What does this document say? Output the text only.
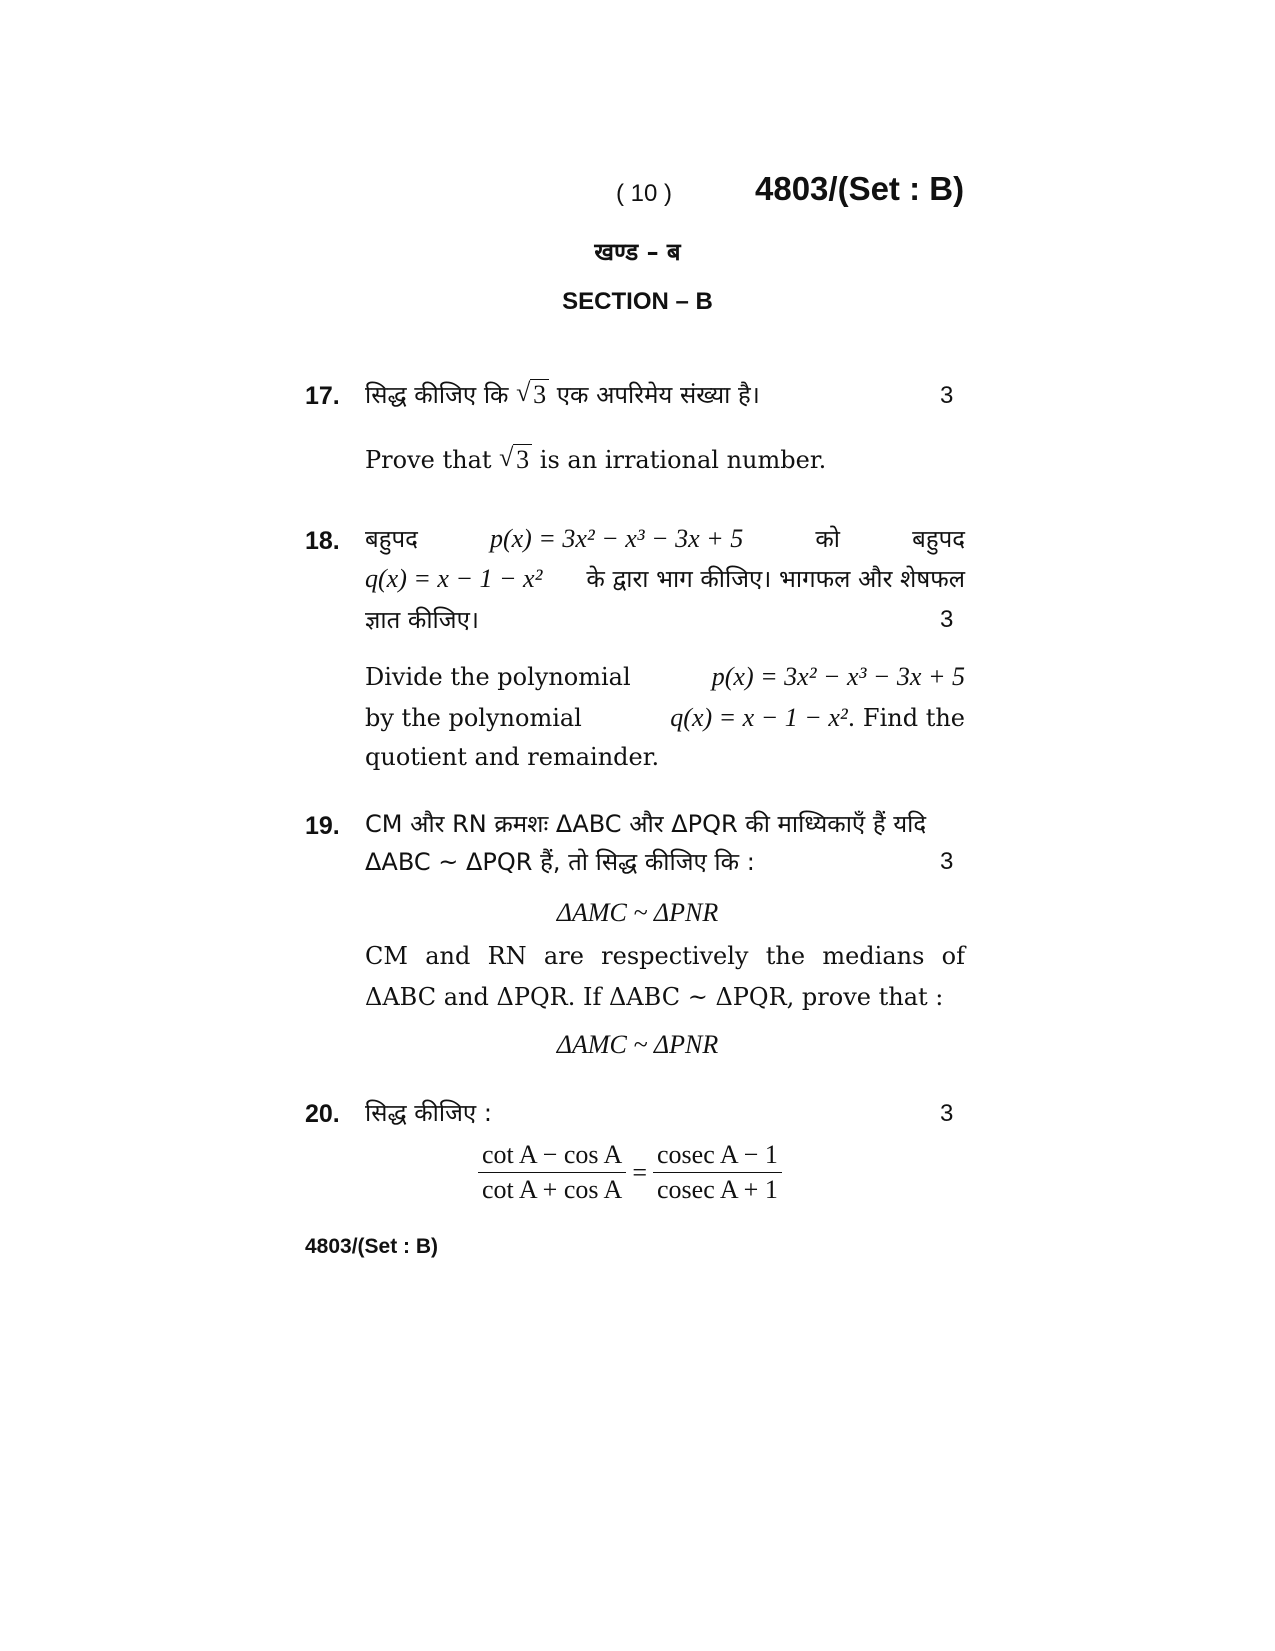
( 10 )	4803/(Set : B)
खण्ड – ब
SECTION – B
17.	3
सिद्ध कीजिए कि √ 3 एक अपरिमेय संख्या है।
Prove that √ 3 is an irrational number.
18. बहुपद	p(x) = 3x² − x³ − 3x + 5	को	बहुपद
q(x) = x − 1 − x² के द्वारा भाग कीजिए। भागफल और शेषफल
ज्ञात कीजिए।	3
Divide the polynomial	p(x) = 3x² − x³ − 3x + 5
by the polynomial	q(x) = x − 1 − x². Find the
quotient and remainder.
19. CM और RN क्रमशः ΔABC और ΔPQR की माध्यिकाएँ हैं यदि
ΔABC ~ ΔPQR हैं, तो सिद्ध कीजिए कि :	3
ΔAMC ~ ΔPNR
CM and RN are respectively the medians of
ΔABC and ΔPQR. If ΔABC ~ ΔPQR, prove that :
ΔAMC ~ ΔPNR
20. सिद्ध कीजिए :	3
$\frac{\text{cot A − cos A}}{\text{cot A + cos A}} = \frac{\text{cosec A − 1}}{\text{cosec A + 1}}$
4803/(Set : B)
